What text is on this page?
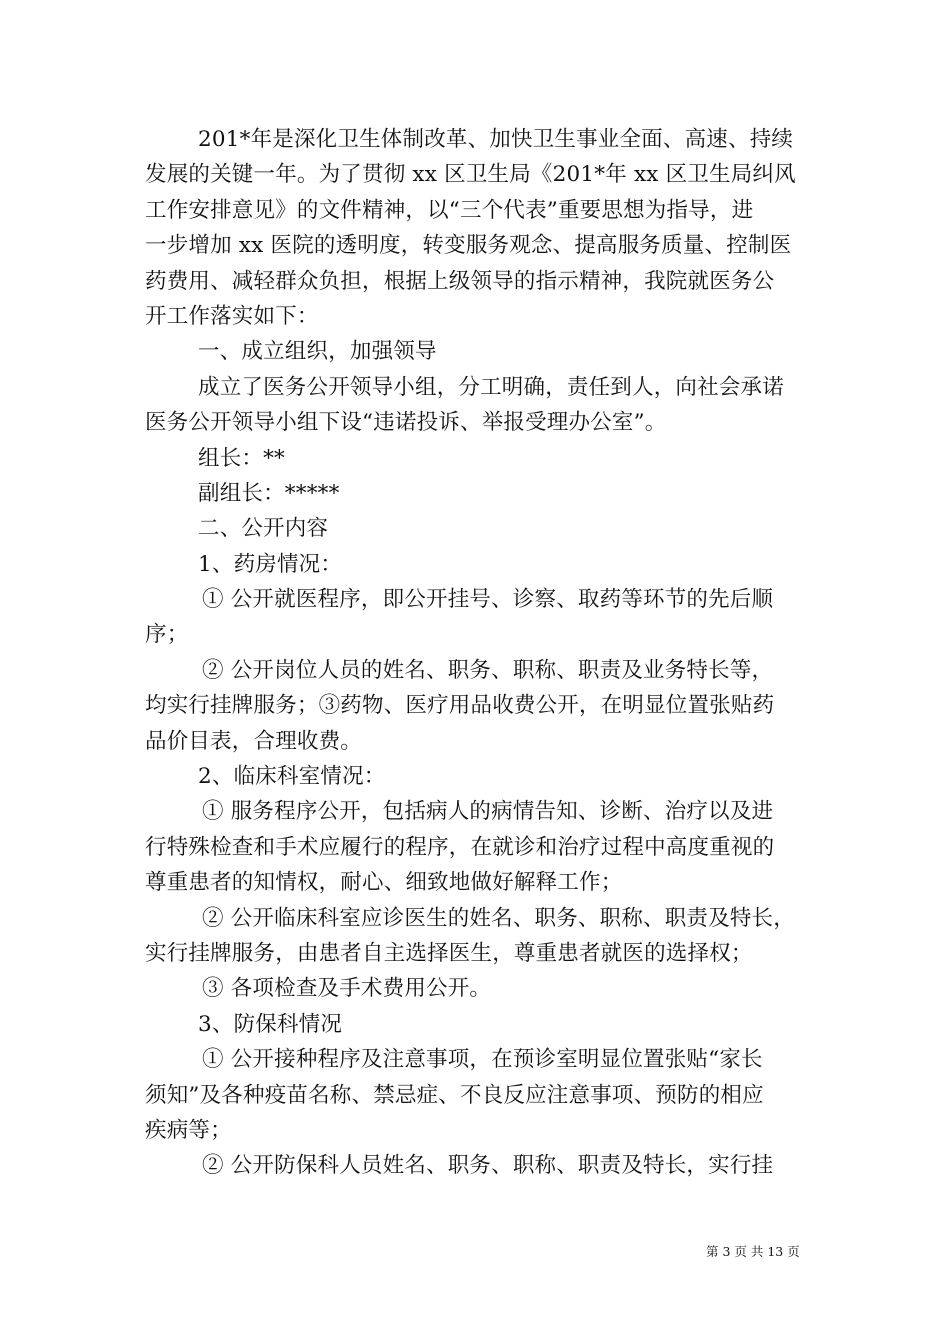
201*年是深化卫生体制改革、加快卫生事业全面、高速、持续
发展的关键一年。为了贯彻 xx 区卫生局《201*年 xx 区卫生局纠风
工作安排意见》的文件精神，以“三个代表”重要思想为指导，进
一步增加 xx 医院的透明度，转变服务观念、提高服务质量、控制医
药费用、减轻群众负担，根据上级领导的指示精神，我院就医务公
开工作落实如下：
一、成立组织，加强领导
成立了医务公开领导小组，分工明确，责任到人，向社会承诺
医务公开领导小组下设“违诺投诉、举报受理办公室”。
组长：**
副组长：*****
二、公开内容
1、药房情况：
① 公开就医程序，即公开挂号、诊察、取药等环节的先后顺
序；
② 公开岗位人员的姓名、职务、职称、职责及业务特长等，
均实行挂牌服务；③药物、医疗用品收费公开，在明显位置张贴药
品价目表，合理收费。
2、临床科室情况：
① 服务程序公开，包括病人的病情告知、诊断、治疗以及进
行特殊检查和手术应履行的程序，在就诊和治疗过程中高度重视的
尊重患者的知情权，耐心、细致地做好解释工作；
② 公开临床科室应诊医生的姓名、职务、职称、职责及特长，
实行挂牌服务，由患者自主选择医生，尊重患者就医的选择权；
③ 各项检查及手术费用公开。
3、防保科情况
① 公开接种程序及注意事项，在预诊室明显位置张贴“家长
须知”及各种疫苗名称、禁忌症、不良反应注意事项、预防的相应
疾病等；
② 公开防保科人员姓名、职务、职称、职责及特长，实行挂
第 3 页 共 13 页
